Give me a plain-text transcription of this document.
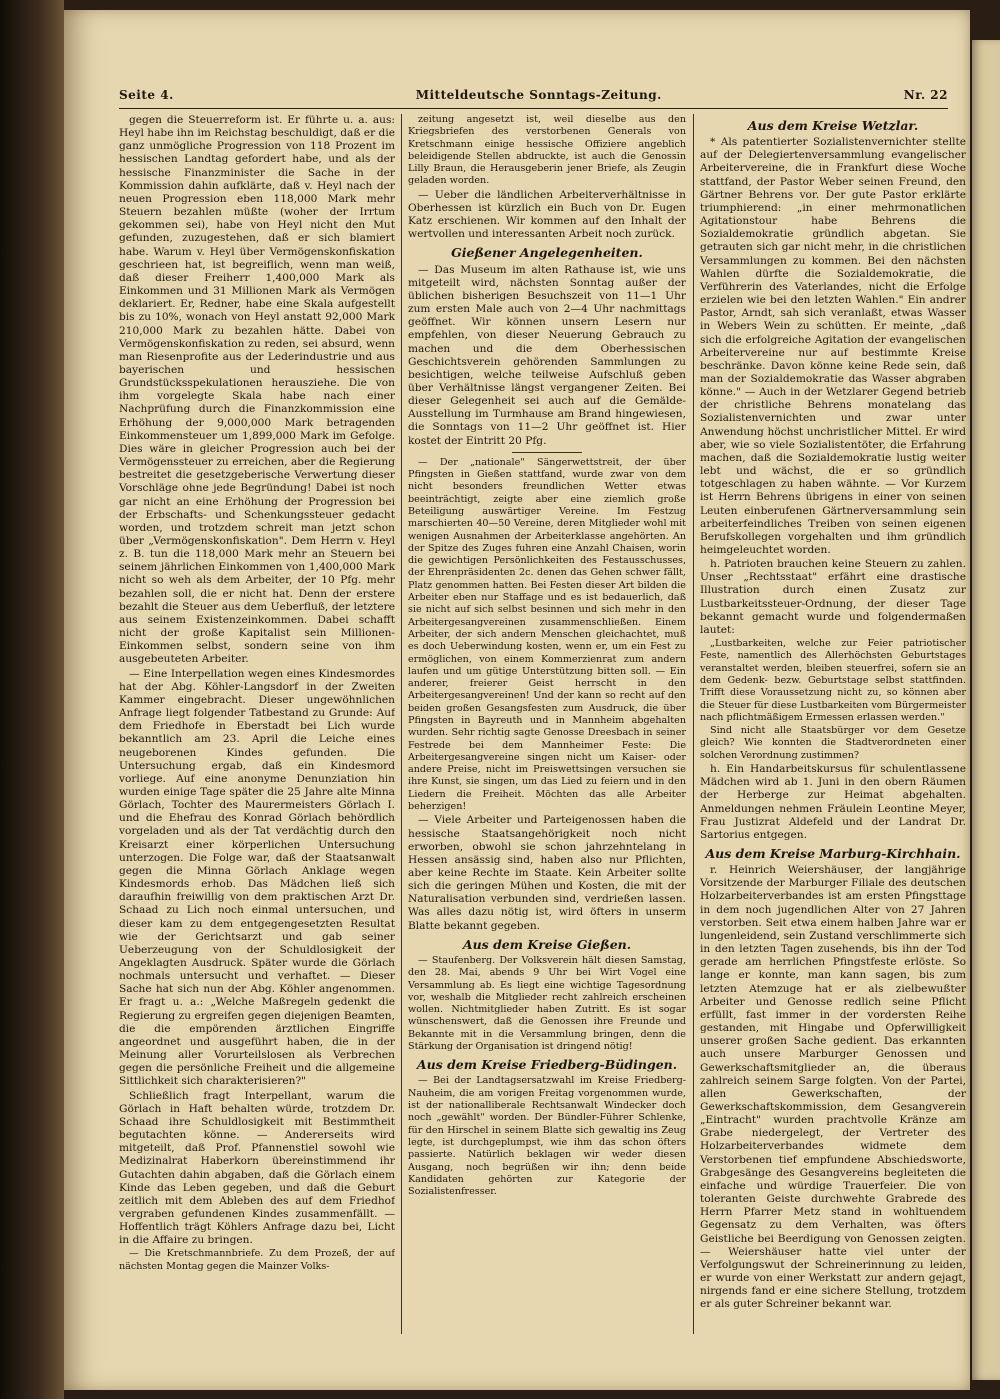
Seite 4.	Mitteldeutsche Sonntags-Zeitung.	Nr. 22

gegen die Steuerreform ist. Er führte u. a. aus: Heyl habe ihn im Reichstag beschuldigt, daß er die ganz unmögliche Progression von 118 Prozent im hessischen Landtag gefordert habe, und als der hessische Finanzminister die Sache in der Kommission dahin aufklärte, daß v. Heyl nach der neuen Progression eben 118,000 Mark mehr Steuern bezahlen müßte (woher der Irrtum gekommen sei), habe von Heyl nicht den Mut gefunden, zuzugestehen, daß er sich blamiert habe. Warum v. Heyl über Vermögenskonfiskation geschrieen hat, ist begreiflich, wenn man weiß, daß dieser Freiherr 1,400,000 Mark als Einkommen und 31 Millionen Mark als Vermögen deklariert. Er, Redner, habe eine Skala aufgestellt bis zu 10%, wonach von Heyl anstatt 92,000 Mark 210,000 Mark zu bezahlen hätte. Dabei von Vermögenskonfiskation zu reden, sei absurd, wenn man Riesenprofite aus der Lederindustrie und aus bayerischen und hessischen Grundstücksspekulationen herausziehe. Die von ihm vorgelegte Skala habe nach einer Nachprüfung durch die Finanzkommission eine Erhöhung der 9,000,000 Mark betragenden Einkommensteuer um 1,899,000 Mark im Gefolge. Dies wäre in gleicher Progression auch bei der Vermögenssteuer zu erreichen, aber die Regierung bestreitet die gesetzgeberische Verwertung dieser Vorschläge ohne jede Begründung! Dabei ist noch gar nicht an eine Erhöhung der Progression bei der Erbschafts- und Schenkungssteuer gedacht worden, und trotzdem schreit man jetzt schon über „Vermögenskonfiskation". Dem Herrn v. Heyl z. B. tun die 118,000 Mark mehr an Steuern bei seinem jährlichen Einkommen von 1,400,000 Mark nicht so weh als dem Arbeiter, der 10 Pfg. mehr bezahlen soll, die er nicht hat. Denn der erstere bezahlt die Steuer aus dem Ueberfluß, der letztere aus seinem Existenzeinkommen. Dabei schafft nicht der große Kapitalist sein Millionen-Einkommen selbst, sondern seine von ihm ausgebeuteten Arbeiter.

— Eine Interpellation wegen eines Kindesmordes hat der Abg. Köhler-Langsdorf in der Zweiten Kammer eingebracht. Dieser ungewöhnlichen Anfrage liegt folgender Tatbestand zu Grunde: Auf dem Friedhofe in Eberstadt bei Lich wurde bekanntlich am 23. April die Leiche eines neugeborenen Kindes gefunden. Die Untersuchung ergab, daß ein Kindesmord vorliege. Auf eine anonyme Denunziation hin wurden einige Tage später die 25 Jahre alte Minna Görlach, Tochter des Maurermeisters Görlach I. und die Ehefrau des Konrad Görlach behördlich vorgeladen und als der Tat verdächtig durch den Kreisarzt einer körperlichen Untersuchung unterzogen. Die Folge war, daß der Staatsanwalt gegen die Minna Görlach Anklage wegen Kindesmords erhob. Das Mädchen ließ sich daraufhin freiwillig von dem praktischen Arzt Dr. Schaad zu Lich noch einmal untersuchen, und dieser kam zu dem entgegengesetzten Resultat wie der Gerichtsarzt und gab seiner Ueberzeugung von der Schuldlosigkeit der Angeklagten Ausdruck. Später wurde die Görlach nochmals untersucht und verhaftet. — Dieser Sache hat sich nun der Abg. Köhler angenommen. Er fragt u. a.: „Welche Maßregeln gedenkt die Regierung zu ergreifen gegen diejenigen Beamten, die die empörenden ärztlichen Eingriffe angeordnet und ausgeführt haben, die in der Meinung aller Vorurteilslosen als Verbrechen gegen die persönliche Freiheit und die allgemeine Sittlichkeit sich charakterisieren?"

Schließlich fragt Interpellant, warum die Görlach in Haft behalten würde, trotzdem Dr. Schaad ihre Schuldlosigkeit mit Bestimmtheit begutachten könne. — Andererseits wird mitgeteilt, daß Prof. Pfannenstiel sowohl wie Medizinalrat Haberkorn übereinstimmend ihr Gutachten dahin abgaben, daß die Görlach einem Kinde das Leben gegeben, und daß die Geburt zeitlich mit dem Ableben des auf dem Friedhof vergraben gefundenen Kindes zusammenfällt. — Hoffentlich trägt Köhlers Anfrage dazu bei, Licht in die Affaire zu bringen.

— Die Kretschmannbriefe. Zu dem Prozeß, der auf nächsten Montag gegen die Mainzer Volks-

zeitung angesetzt ist, weil dieselbe aus den Kriegsbriefen des verstorbenen Generals von Kretschmann einige hessische Offiziere angeblich beleidigende Stellen abdruckte, ist auch die Genossin Lilly Braun, die Herausgeberin jener Briefe, als Zeugin geladen worden.

— Ueber die ländlichen Arbeiterverhältnisse in Oberhessen ist kürzlich ein Buch von Dr. Eugen Katz erschienen. Wir kommen auf den Inhalt der wertvollen und interessanten Arbeit noch zurück.

Gießener Angelegenheiten.

— Das Museum im alten Rathause ist, wie uns mitgeteilt wird, nächsten Sonntag außer der üblichen bisherigen Besuchszeit von 11—1 Uhr zum ersten Male auch von 2—4 Uhr nachmittags geöffnet. Wir können unsern Lesern nur empfehlen, von dieser Neuerung Gebrauch zu machen und die dem Oberhessischen Geschichtsverein gehörenden Sammlungen zu besichtigen, welche teilweise Aufschluß geben über Verhältnisse längst vergangener Zeiten. Bei dieser Gelegenheit sei auch auf die Gemälde-Ausstellung im Turmhause am Brand hingewiesen, die Sonntags von 11—2 Uhr geöffnet ist. Hier kostet der Eintritt 20 Pfg.

— Der „nationale" Sängerwettstreit, der über Pfingsten in Gießen stattfand, wurde zwar von dem nicht besonders freundlichen Wetter etwas beeinträchtigt, zeigte aber eine ziemlich große Beteiligung auswärtiger Vereine. Im Festzug marschierten 40—50 Vereine, deren Mitglieder wohl mit wenigen Ausnahmen der Arbeiterklasse angehörten. An der Spitze des Zuges fuhren eine Anzahl Chaisen, worin die gewichtigen Persönlichkeiten des Festausschusses, der Ehrenpräsidenten 2c. denen das Gehen schwer fällt, Platz genommen hatten. Bei Festen dieser Art bilden die Arbeiter eben nur Staffage und es ist bedauerlich, daß sie nicht auf sich selbst besinnen und sich mehr in den Arbeitergesangvereinen zusammenschließen. Einem Arbeiter, der sich andern Menschen gleichachtet, muß es doch Ueberwindung kosten, wenn er, um ein Fest zu ermöglichen, von einem Kommerzienrat zum andern laufen und um gütige Unterstützung bitten soll. — Ein anderer, freierer Geist herrscht in den Arbeitergesangvereinen! Und der kann so recht auf den beiden großen Gesangsfesten zum Ausdruck, die über Pfingsten in Bayreuth und in Mannheim abgehalten wurden. Sehr richtig sagte Genosse Dreesbach in seiner Festrede bei dem Mannheimer Feste: Die Arbeitergesangvereine singen nicht um Kaiser- oder andere Preise, nicht im Preiswettsingen versuchen sie ihre Kunst, sie singen, um das Lied zu feiern und in den Liedern die Freiheit. Möchten das alle Arbeiter beherzigen!

— Viele Arbeiter und Parteigenossen haben die hessische Staatsangehörigkeit noch nicht erworben, obwohl sie schon jahrzehntelang in Hessen ansässig sind, haben also nur Pflichten, aber keine Rechte im Staate. Kein Arbeiter sollte sich die geringen Mühen und Kosten, die mit der Naturalisation verbunden sind, verdrießen lassen. Was alles dazu nötig ist, wird öfters in unserm Blatte bekannt gegeben.

Aus dem Kreise Gießen.

— Staufenberg. Der Volksverein hält diesen Samstag, den 28. Mai, abends 9 Uhr bei Wirt Vogel eine Versammlung ab. Es liegt eine wichtige Tagesordnung vor, weshalb die Mitglieder recht zahlreich erscheinen wollen. Nichtmitglieder haben Zutritt. Es ist sogar wünschenswert, daß die Genossen ihre Freunde und Bekannte mit in die Versammlung bringen, denn die Stärkung der Organisation ist dringend nötig!

Aus dem Kreise Friedberg-Büdingen.

— Bei der Landtagsersatzwahl im Kreise Friedberg-Nauheim, die am vorigen Freitag vorgenommen wurde, ist der nationalliberale Rechtsanwalt Windecker doch noch „gewählt" worden. Der Bündler-Führer Schlenke, für den Hirschel in seinem Blatte sich gewaltig ins Zeug legte, ist durchgeplumpst, wie ihm das schon öfters passierte. Natürlich beklagen wir weder diesen Ausgang, noch begrüßen wir ihn; denn beide Kandidaten gehörten zur Kategorie der Sozialistenfresser.

Aus dem Kreise Wetzlar.

* Als patentierter Sozialistenvernichter stellte auf der Delegiertenversammlung evangelischer Arbeitervereine, die in Frankfurt diese Woche stattfand, der Pastor Weber seinen Freund, den Gärtner Behrens vor. Der gute Pastor erklärte triumphierend: „in einer mehrmonatlichen Agitationstour habe Behrens die Sozialdemokratie gründlich abgetan. Sie getrauten sich gar nicht mehr, in die christlichen Versammlungen zu kommen. Bei den nächsten Wahlen dürfte die Sozialdemokratie, die Verführerin des Vaterlandes, nicht die Erfolge erzielen wie bei den letzten Wahlen." Ein andrer Pastor, Arndt, sah sich veranlaßt, etwas Wasser in Webers Wein zu schütten. Er meinte, „daß sich die erfolgreiche Agitation der evangelischen Arbeitervereine nur auf bestimmte Kreise beschränke. Davon könne keine Rede sein, daß man der Sozialdemokratie das Wasser abgraben könne." — Auch in der Wetzlarer Gegend betrieb der christliche Behrens monatelang das Sozialistenvernichten und zwar unter Anwendung höchst unchristlicher Mittel. Er wird aber, wie so viele Sozialistentöter, die Erfahrung machen, daß die Sozialdemokratie lustig weiter lebt und wächst, die er so gründlich totgeschlagen zu haben wähnte. — Vor Kurzem ist Herrn Behrens übrigens in einer von seinen Leuten einberufenen Gärtnerversammlung sein arbeiterfeindliches Treiben von seinen eigenen Berufskollegen vorgehalten und ihm gründlich heimgeleuchtet worden.

h. Patrioten brauchen keine Steuern zu zahlen. Unser „Rechtsstaat" erfährt eine drastische Illustration durch einen Zusatz zur Lustbarkeitssteuer-Ordnung, der dieser Tage bekannt gemacht wurde und folgendermaßen lautet:

„Lustbarkeiten, welche zur Feier patriotischer Feste, namentlich des Allerhöchsten Geburtstages veranstaltet werden, bleiben steuerfrei, sofern sie an dem Gedenk- bezw. Geburtstage selbst stattfinden. Trifft diese Voraussetzung nicht zu, so können aber die Steuer für diese Lustbarkeiten vom Bürgermeister nach pflichtmäßigem Ermessen erlassen werden."

Sind nicht alle Staatsbürger vor dem Gesetze gleich? Wie konnten die Stadtverordneten einer solchen Verordnung zustimmen?

h. Ein Handarbeitskursus für schulentlassene Mädchen wird ab 1. Juni in den obern Räumen der Herberge zur Heimat abgehalten. Anmeldungen nehmen Fräulein Leontine Meyer, Frau Justizrat Aldefeld und der Landrat Dr. Sartorius entgegen.

Aus dem Kreise Marburg-Kirchhain.

r. Heinrich Weiershäuser, der langjährige Vorsitzende der Marburger Filiale des deutschen Holzarbeiterverbandes ist am ersten Pfingsttage in dem noch jugendlichen Alter von 27 Jahren verstorben. Seit etwa einem halben Jahre war er lungenleidend, sein Zustand verschlimmerte sich in den letzten Tagen zusehends, bis ihn der Tod gerade am herrlichen Pfingstfeste erlöste. So lange er konnte, man kann sagen, bis zum letzten Atemzuge hat er als zielbewußter Arbeiter und Genosse redlich seine Pflicht erfüllt, fast immer in der vordersten Reihe gestanden, mit Hingabe und Opferwilligkeit unserer großen Sache gedient. Das erkannten auch unsere Marburger Genossen und Gewerkschaftsmitglieder an, die überaus zahlreich seinem Sarge folgten. Von der Partei, allen Gewerkschaften, der Gewerkschaftskommission, dem Gesangverein „Eintracht" wurden prachtvolle Kränze am Grabe niedergelegt, der Vertreter des Holzarbeiterverbandes widmete dem Verstorbenen tief empfundene Abschiedsworte, Grabgesänge des Gesangvereins begleiteten die einfache und würdige Trauerfeier. Die von toleranten Geiste durchwehte Grabrede des Herrn Pfarrer Metz stand in wohltuendem Gegensatz zu dem Verhalten, was öfters Geistliche bei Beerdigung von Genossen zeigten. — Weiershäuser hatte viel unter der Verfolgungswut der Schreinerinnung zu leiden, er wurde von einer Werkstatt zur andern gejagt, nirgends fand er eine sichere Stellung, trotzdem er als guter Schreiner bekannt war.
